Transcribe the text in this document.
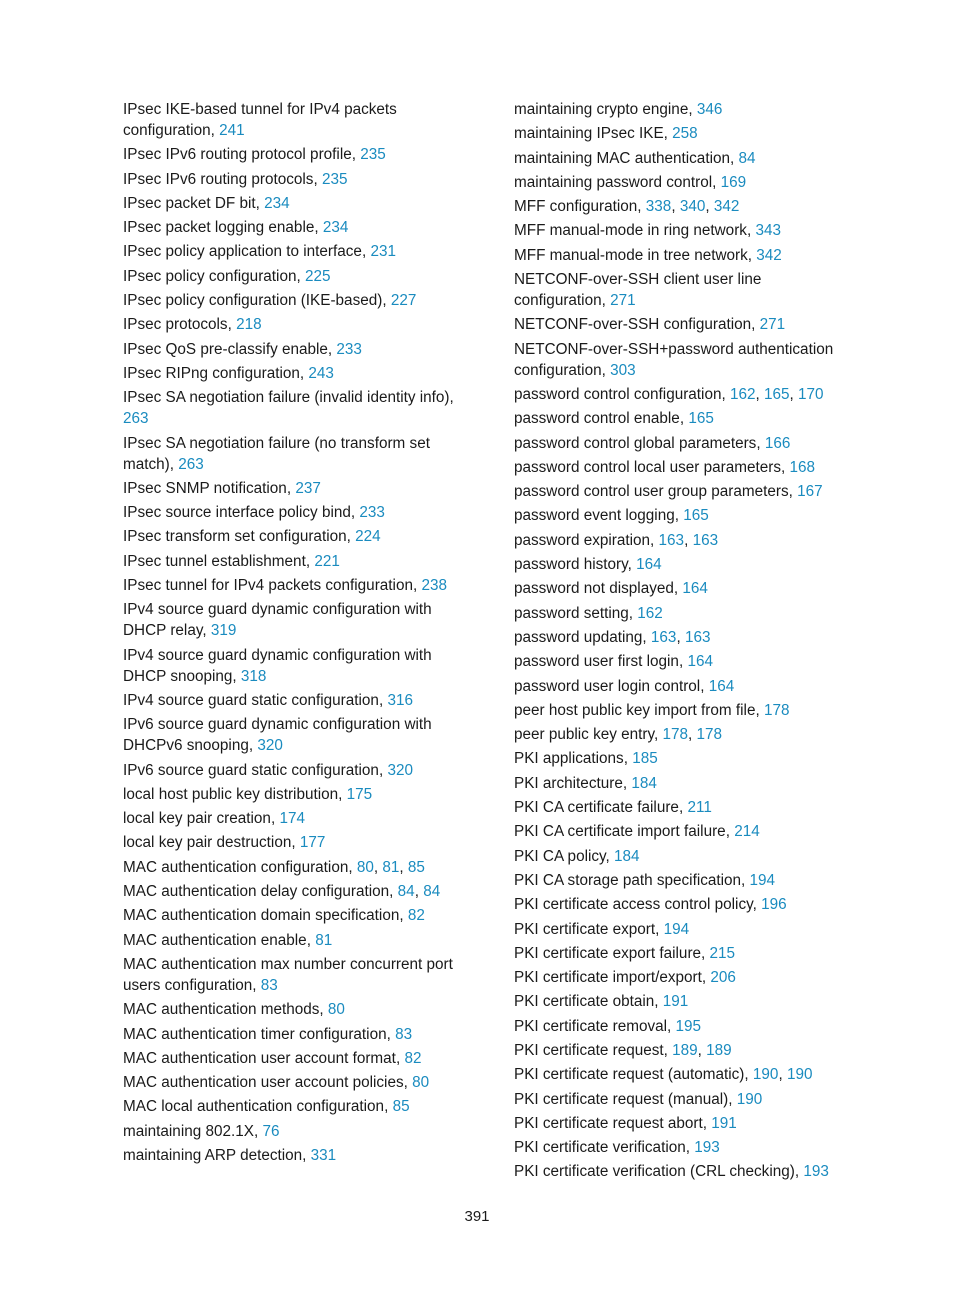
IPsec IKE-based tunnel for IPv4 packets configuration, 241
IPsec IPv6 routing protocol profile, 235
IPsec IPv6 routing protocols, 235
IPsec packet DF bit, 234
IPsec packet logging enable, 234
IPsec policy application to interface, 231
IPsec policy configuration, 225
IPsec policy configuration (IKE-based), 227
IPsec protocols, 218
IPsec QoS pre-classify enable, 233
IPsec RIPng configuration, 243
IPsec SA negotiation failure (invalid identity info), 263
IPsec SA negotiation failure (no transform set match), 263
IPsec SNMP notification, 237
IPsec source interface policy bind, 233
IPsec transform set configuration, 224
IPsec tunnel establishment, 221
IPsec tunnel for IPv4 packets configuration, 238
IPv4 source guard dynamic configuration with DHCP relay, 319
IPv4 source guard dynamic configuration with DHCP snooping, 318
IPv4 source guard static configuration, 316
IPv6 source guard dynamic configuration with DHCPv6 snooping, 320
IPv6 source guard static configuration, 320
local host public key distribution, 175
local key pair creation, 174
local key pair destruction, 177
MAC authentication configuration, 80, 81, 85
MAC authentication delay configuration, 84, 84
MAC authentication domain specification, 82
MAC authentication enable, 81
MAC authentication max number concurrent port users configuration, 83
MAC authentication methods, 80
MAC authentication timer configuration, 83
MAC authentication user account format, 82
MAC authentication user account policies, 80
MAC local authentication configuration, 85
maintaining 802.1X, 76
maintaining ARP detection, 331
maintaining crypto engine, 346
maintaining IPsec IKE, 258
maintaining MAC authentication, 84
maintaining password control, 169
MFF configuration, 338, 340, 342
MFF manual-mode in ring network, 343
MFF manual-mode in tree network, 342
NETCONF-over-SSH client user line configuration, 271
NETCONF-over-SSH configuration, 271
NETCONF-over-SSH+password authentication configuration, 303
password control configuration, 162, 165, 170
password control enable, 165
password control global parameters, 166
password control local user parameters, 168
password control user group parameters, 167
password event logging, 165
password expiration, 163, 163
password history, 164
password not displayed, 164
password setting, 162
password updating, 163, 163
password user first login, 164
password user login control, 164
peer host public key import from file, 178
peer public key entry, 178, 178
PKI applications, 185
PKI architecture, 184
PKI CA certificate failure, 211
PKI CA certificate import failure, 214
PKI CA policy, 184
PKI CA storage path specification, 194
PKI certificate access control policy, 196
PKI certificate export, 194
PKI certificate export failure, 215
PKI certificate import/export, 206
PKI certificate obtain, 191
PKI certificate removal, 195
PKI certificate request, 189, 189
PKI certificate request (automatic), 190, 190
PKI certificate request (manual), 190
PKI certificate request abort, 191
PKI certificate verification, 193
PKI certificate verification (CRL checking), 193
391
